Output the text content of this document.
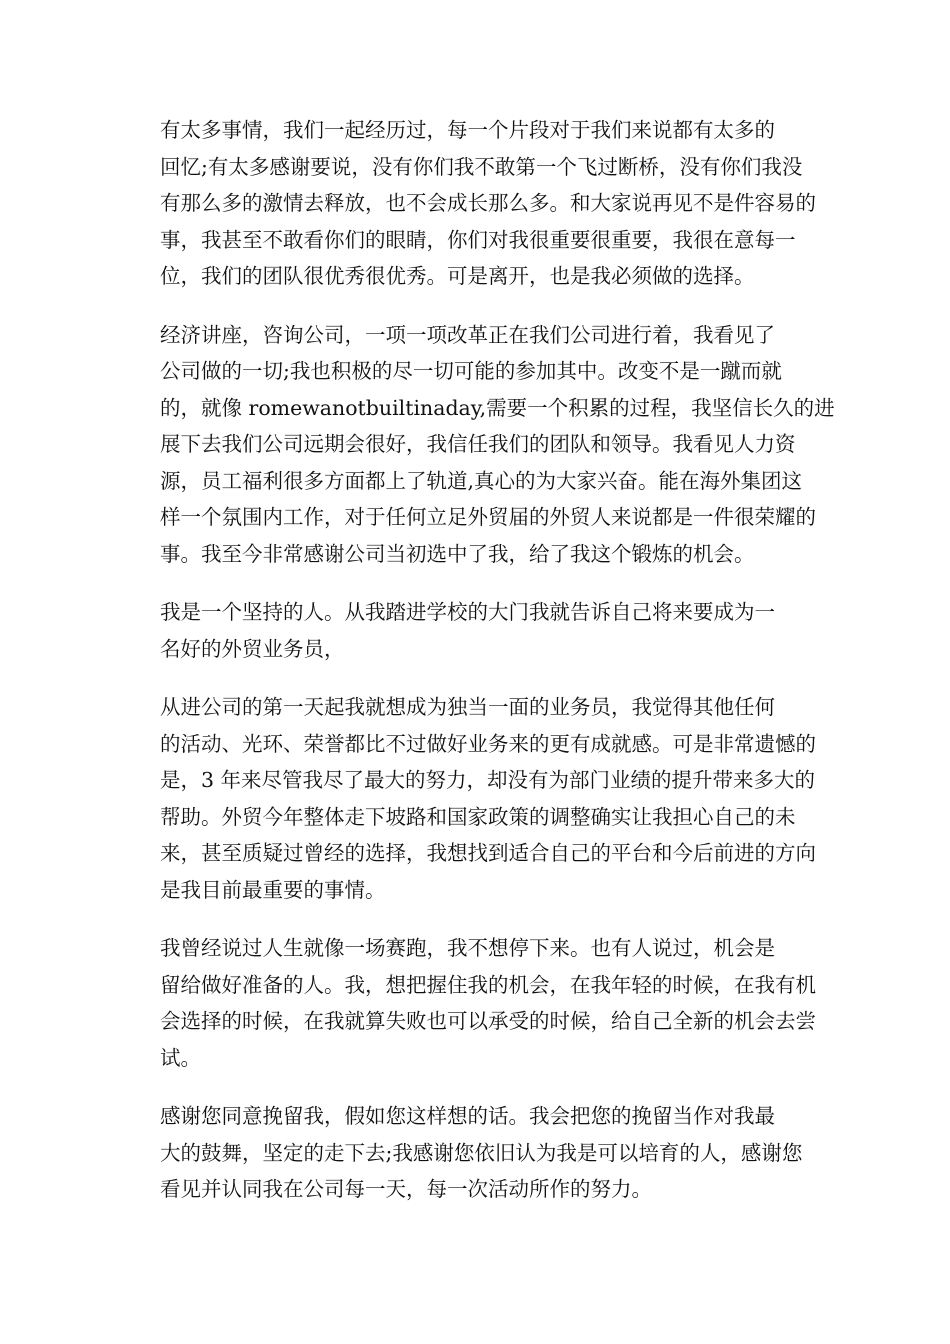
有太多事情，我们一起经历过，每一个片段对于我们来说都有太多的
回忆;有太多感谢要说，没有你们我不敢第一个飞过断桥，没有你们我没
有那么多的激情去释放，也不会成长那么多。和大家说再见不是件容易的
事，我甚至不敢看你们的眼睛，你们对我很重要很重要，我很在意每一
位，我们的团队很优秀很优秀。可是离开，也是我必须做的选择。

经济讲座，咨询公司，一项一项改革正在我们公司进行着，我看见了
公司做的一切;我也积极的尽一切可能的参加其中。改变不是一蹴而就
的，就像 romewanotbuiltinaday,需要一个积累的过程，我坚信长久的进
展下去我们公司远期会很好，我信任我们的团队和领导。我看见人力资
源，员工福利很多方面都上了轨道,真心的为大家兴奋。能在海外集团这
样一个氛围内工作，对于任何立足外贸届的外贸人来说都是一件很荣耀的
事。我至今非常感谢公司当初选中了我，给了我这个锻炼的机会。

我是一个坚持的人。从我踏进学校的大门我就告诉自己将来要成为一
名好的外贸业务员，

从进公司的第一天起我就想成为独当一面的业务员，我觉得其他任何
的活动、光环、荣誉都比不过做好业务来的更有成就感。可是非常遗憾的
是，3 年来尽管我尽了最大的努力，却没有为部门业绩的提升带来多大的
帮助。外贸今年整体走下坡路和国家政策的调整确实让我担心自己的未
来，甚至质疑过曾经的选择，我想找到适合自己的平台和今后前进的方向
是我目前最重要的事情。

我曾经说过人生就像一场赛跑，我不想停下来。也有人说过，机会是
留给做好准备的人。我，想把握住我的机会，在我年轻的时候，在我有机
会选择的时候，在我就算失败也可以承受的时候，给自己全新的机会去尝
试。

感谢您同意挽留我，假如您这样想的话。我会把您的挽留当作对我最
大的鼓舞，坚定的走下去;我感谢您依旧认为我是可以培育的人，感谢您
看见并认同我在公司每一天，每一次活动所作的努力。
